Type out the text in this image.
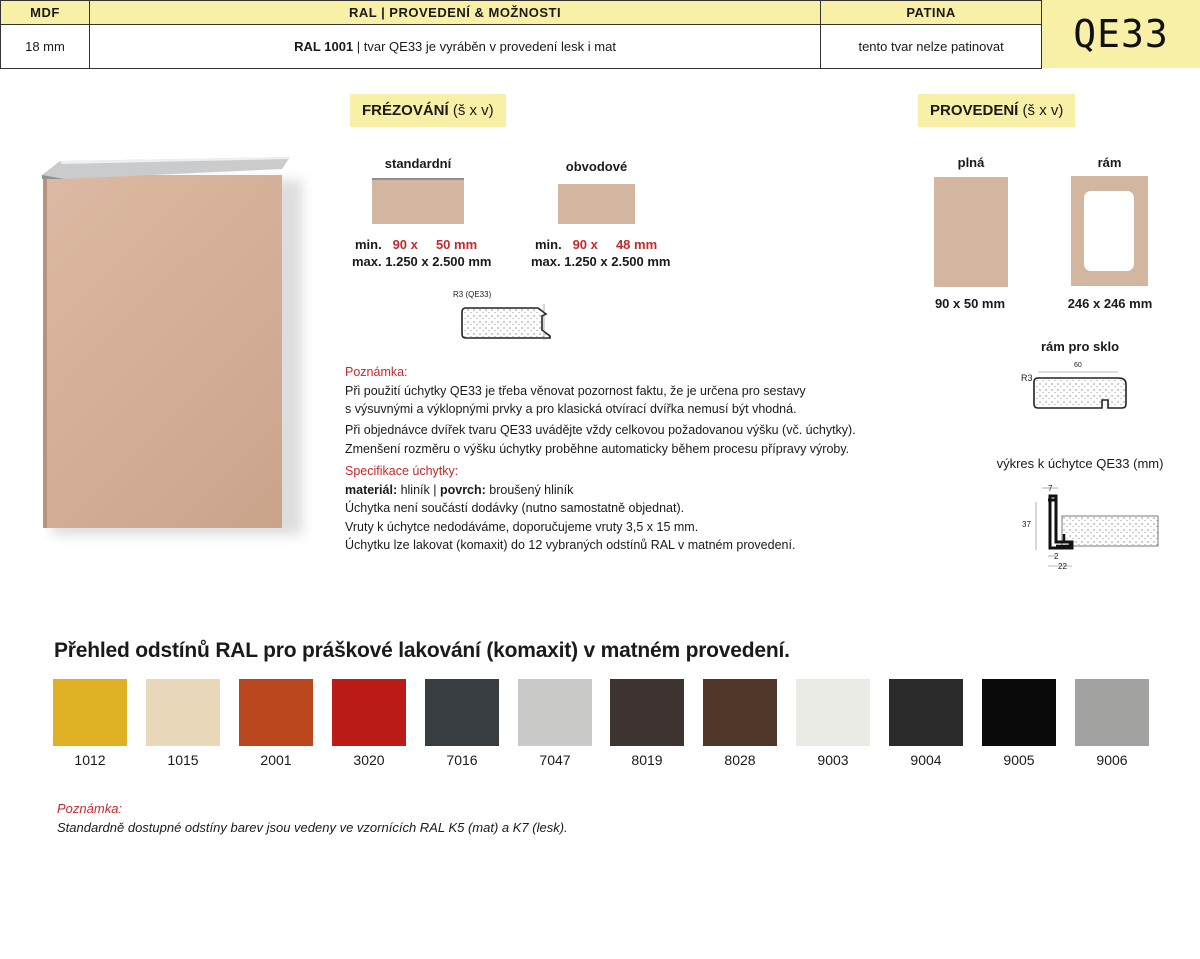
MDF	RAL | PROVEDENÍ & MOŽNOSTI	PATINA
18 mm	RAL 1001 | tvar QE33 je vyráběn v provedení lesk i mat	tento tvar nelze patinovat	QE33
FRÉZOVÁNÍ (š x v)
standardní
min. 90 x     50 mm
max. 1.250 x 2.500 mm
obvodové
min. 90 x     48 mm
max. 1.250 x 2.500 mm
R3 (QE33)
Poznámka:
Při použití úchytky QE33 je třeba věnovat pozornost faktu, že je určena pro sestavy
s výsuvnými a výklopnými prvky a pro klasická otvírací dvířka nemusí být vhodná.
Při objednávce dvířek tvaru QE33 uvádějte vždy celkovou požadovanou výšku (vč. úchytky).
Zmenšení rozměru o výšku úchytky proběhne automaticky během procesu přípravy výroby.
Specifikace úchytky:
materiál: hliník | povrch: broušený hliník
Úchytka není součástí dodávky (nutno samostatně objednat).
Vruty k úchytce nedodáváme, doporučujeme vruty 3,5 x 15 mm.
Úchytku lze lakovat (komaxit) do 12 vybraných odstínů RAL v matném provedení.
PROVEDENÍ (š x v)
plná
90 x 50 mm
rám
246 x 246 mm
rám pro sklo
R3
60
výkres k úchytce QE33 (mm)
7
37
2
22
Přehled odstínů RAL pro práškové lakování (komaxit) v matném provedení.
1012	1015	2001	3020	7016	7047	8019	8028	9003	9004	9005	9006
Poznámka:
Standardně dostupné odstíny barev jsou vedeny ve vzornících RAL K5 (mat) a K7 (lesk).
